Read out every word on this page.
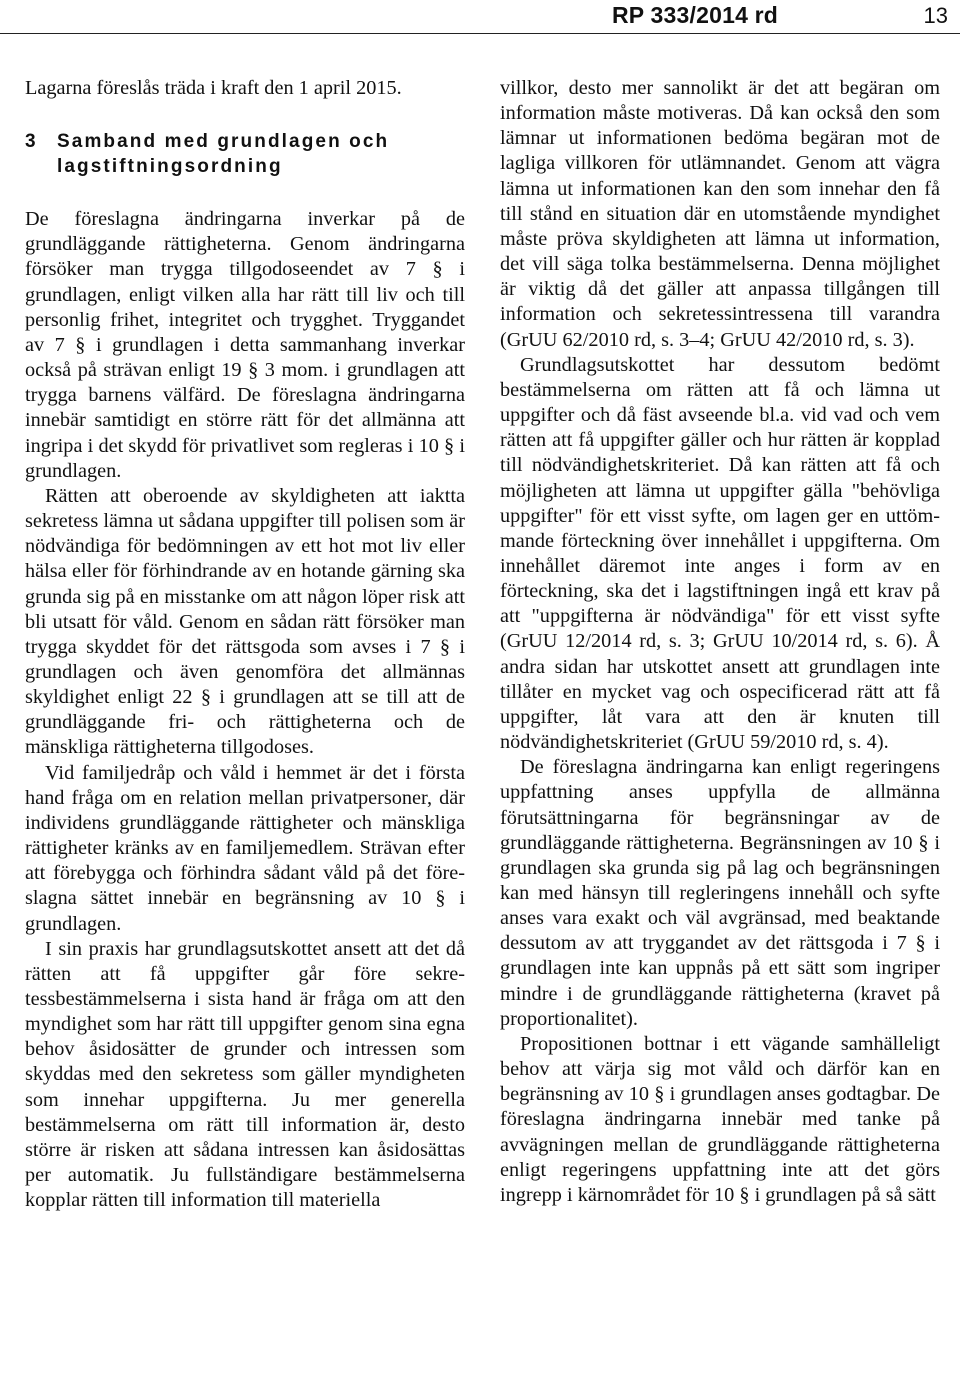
RP 333/2014 rd	13

Lagarna föreslås träda i kraft den 1 april 2015.

3	Samband med grundlagen och lagstiftningsordning

De föreslagna ändringarna inverkar på de grundläggande rättigheterna. Genom ändringarna försöker man trygga tillgodoseendet av 7 § i grundlagen, enligt vilken alla har rätt till liv och till personlig frihet, integritet och trygghet. Tryggandet av 7 § i grundlagen i detta sammanhang inverkar också på strävan enligt 19 § 3 mom. i grundlagen att trygga barnens välfärd. De föreslagna ändringarna innebär samtidigt en större rätt för det allmänna att ingripa i det skydd för privatlivet som regleras i 10 § i grundlagen.

Rätten att oberoende av skyldigheten att iaktta sekretess lämna ut sådana uppgifter till polisen som är nödvändiga för bedömningen av ett hot mot liv eller hälsa eller för förhindrande av en hotande gärning ska grunda sig på en misstanke om att någon löper risk att bli utsatt för våld. Genom en sådan rätt försöker man trygga skyddet för det rättsgoda som avses i 7 § i grundlagen och även genomföra det allmännas skyldighet enligt 22 § i grundlagen att se till att de grundläggande fri- och rättigheterna och de mänskliga rättigheterna tillgodoses.

Vid familjedråp och våld i hemmet är det i första hand fråga om en relation mellan privatpersoner, där individens grundläggande rättigheter och mänskliga rättigheter kränks av en familjemedlem. Strävan efter att förebygga och förhindra sådant våld på det föreslagna sättet innebär en begränsning av 10 § i grundlagen.

I sin praxis har grundlagsutskottet ansett att det då rätten att få uppgifter går före sekretessbestämmelserna i sista hand är fråga om att den myndighet som har rätt till uppgifter genom sina egna behov åsidosätter de grunder och intressen som skyddas med den sekretess som gäller myndigheten som innehar uppgifterna. Ju mer generella bestämmelserna om rätt till information är, desto större är risken att sådana intressen kan åsidosättas per automatik. Ju fullständigare bestämmelserna kopplar rätten till information till materiella

villkor, desto mer sannolikt är det att begäran om information måste motiveras. Då kan också den som lämnar ut informationen bedöma begäran mot de lagliga villkoren för utlämnandet. Genom att vägra lämna ut informationen kan den som innehar den få till stånd en situation där en utomstående myndighet måste pröva skyldigheten att lämna ut information, det vill säga tolka bestämmelserna. Denna möjlighet är viktig då det gäller att anpassa tillgången till information och sekretessintressena till varandra (GrUU 62/2010 rd, s. 3–4; GrUU 42/2010 rd, s. 3).

Grundlagsutskottet har dessutom bedömt bestämmelserna om rätten att få och lämna ut uppgifter och då fäst avseende bl.a. vid vad och vem rätten att få uppgifter gäller och hur rätten är kopplad till nödvändighetskriteriet. Då kan rätten att få och möjligheten att lämna ut uppgifter gälla "behövliga uppgifter" för ett visst syfte, om lagen ger en uttömmande förteckning över innehållet i uppgifterna. Om innehållet däremot inte anges i form av en förteckning, ska det i lagstiftningen ingå ett krav på att "uppgifterna är nödvändiga" för ett visst syfte (GrUU 12/2014 rd, s. 3; GrUU 10/2014 rd, s. 6). Å andra sidan har utskottet ansett att grundlagen inte tillåter en mycket vag och ospecificerad rätt att få uppgifter, låt vara att den är knuten till nödvändighetskriteriet (GrUU 59/2010 rd, s. 4).

De föreslagna ändringarna kan enligt regeringens uppfattning anses uppfylla de allmänna förutsättningarna för begränsningar av de grundläggande rättigheterna. Begränsningen av 10 § i grundlagen ska grunda sig på lag och begränsningen kan med hänsyn till regleringens innehåll och syfte anses vara exakt och väl avgränsad, med beaktande dessutom av att tryggandet av det rättsgoda i 7 § i grundlagen inte kan uppnås på ett sätt som ingriper mindre i de grundläggande rättigheterna (kravet på proportionalitet).

Propositionen bottnar i ett vägande samhälleligt behov att värja sig mot våld och därför kan en begränsning av 10 § i grundlagen anses godtagbar. De föreslagna ändringarna innebär med tanke på avvägningen mellan de grundläggande rättigheterna enligt regeringens uppfattning inte att det görs ingrepp i kärnområdet för 10 § i grundlagen på så sätt
